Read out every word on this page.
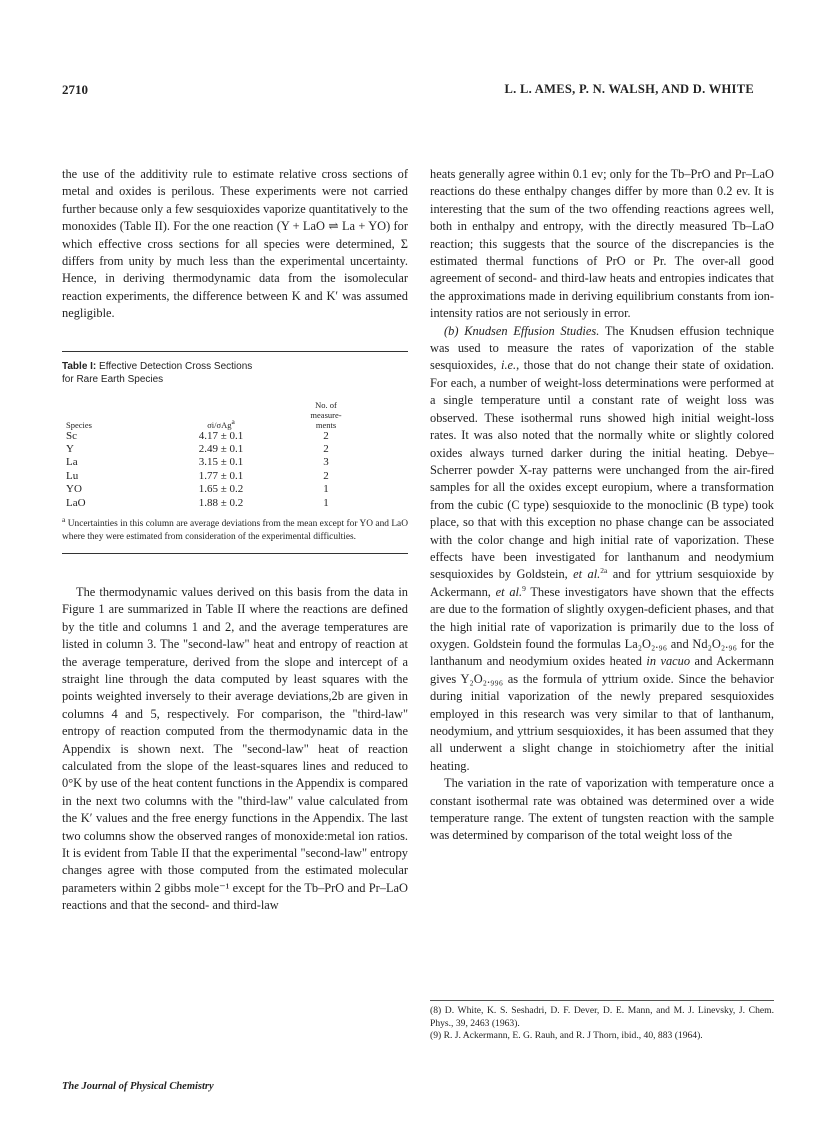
2710	L. L. AMES, P. N. WALSH, AND D. WHITE

the use of the additivity rule to estimate relative cross sections of metal and oxides is perilous. These experiments were not carried further because only a few sesquioxides vaporize quantitatively to the monoxides (Table II). For the one reaction (Y + LaO ⇌ La + YO) for which effective cross sections for all species were determined, Σ differs from unity by much less than the experimental uncertainty. Hence, in deriving thermodynamic data from the isomolecular reaction experiments, the difference between K and K′ was assumed negligible.

Table I: Effective Detection Cross Sections
for Rare Earth Species
Species	σi/σAg$^a$	No. of
measure-
ments
Sc	4.17 ± 0.1	2
Y	2.49 ± 0.1	2
La	3.15 ± 0.1	3
Lu	1.77 ± 0.1	2
YO	1.65 ± 0.2	1
LaO	1.88 ± 0.2	1
$^a$ Uncertainties in this column are average deviations from the mean except for YO and LaO where they were estimated from consideration of the experimental difficulties.

The thermodynamic values derived on this basis from the data in Figure 1 are summarized in Table II where the reactions are defined by the title and columns 1 and 2, and the average temperatures are listed in column 3. The "second-law" heat and entropy of reaction at the average temperature, derived from the slope and intercept of a straight line through the data computed by least squares with the points weighted inversely to their average deviations,2b are given in columns 4 and 5, respectively. For comparison, the "third-law" entropy of reaction computed from the thermodynamic data in the Appendix is shown next. The "second-law" heat of reaction calculated from the slope of the least-squares lines and reduced to 0°K by use of the heat content functions in the Appendix is compared in the next two columns with the "third-law" value calculated from the K′ values and the free energy functions in the Appendix. The last two columns show the observed ranges of monoxide:metal ion ratios. It is evident from Table II that the experimental "second-law" entropy changes agree with those computed from the estimated molecular parameters within 2 gibbs mole⁻¹ except for the Tb–PrO and Pr–LaO reactions and that the second- and third-law

heats generally agree within 0.1 ev; only for the Tb–PrO and Pr–LaO reactions do these enthalpy changes differ by more than 0.2 ev. It is interesting that the sum of the two offending reactions agrees well, both in enthalpy and entropy, with the directly measured Tb–LaO reaction; this suggests that the source of the discrepancies is the estimated thermal functions of PrO or Pr. The over-all good agreement of second- and third-law heats and entropies indicates that the approximations made in deriving equilibrium constants from ion-intensity ratios are not seriously in error.

(b) Knudsen Effusion Studies. The Knudsen effusion technique was used to measure the rates of vaporization of the stable sesquioxides, i.e., those that do not change their state of oxidation. For each, a number of weight-loss determinations were performed at a single temperature until a constant rate of weight loss was observed. These isothermal runs showed high initial weight-loss rates. It was also noted that the normally white or slightly colored oxides always turned darker during the initial heating. Debye–Scherrer powder X-ray patterns were unchanged from the air-fired samples for all the oxides except europium, where a transformation from the cubic (C type) sesquioxide to the monoclinic (B type) took place, so that with this exception no phase change can be associated with the color change and high initial rate of vaporization. These effects have been investigated for lanthanum and neodymium sesquioxides by Goldstein, et al.$^{2a}$ and for yttrium sesquioxide by Ackermann, et al.$^9$ These investigators have shown that the effects are due to the formation of slightly oxygen-deficient phases, and that the high initial rate of vaporization is primarily due to the loss of oxygen. Goldstein found the formulas La₂O₂.₉₆ and Nd₂O₂.₉₆ for the lanthanum and neodymium oxides heated in vacuo and Ackermann gives Y₂O₂.₉₉₆ as the formula of yttrium oxide. Since the behavior during initial vaporization of the newly prepared sesquioxides employed in this research was very similar to that of lanthanum, neodymium, and yttrium sesquioxides, it has been assumed that they all underwent a slight change in stoichiometry after the initial heating.

The variation in the rate of vaporization with temperature once a constant isothermal rate was obtained was determined over a wide temperature range. The extent of tungsten reaction with the sample was determined by comparison of the total weight loss of the

(8) D. White, K. S. Seshadri, D. F. Dever, D. E. Mann, and M. J. Linevsky, J. Chem. Phys., 39, 2463 (1963).

(9) R. J. Ackermann, E. G. Rauh, and R. J Thorn, ibid., 40, 883 (1964).

The Journal of Physical Chemistry
